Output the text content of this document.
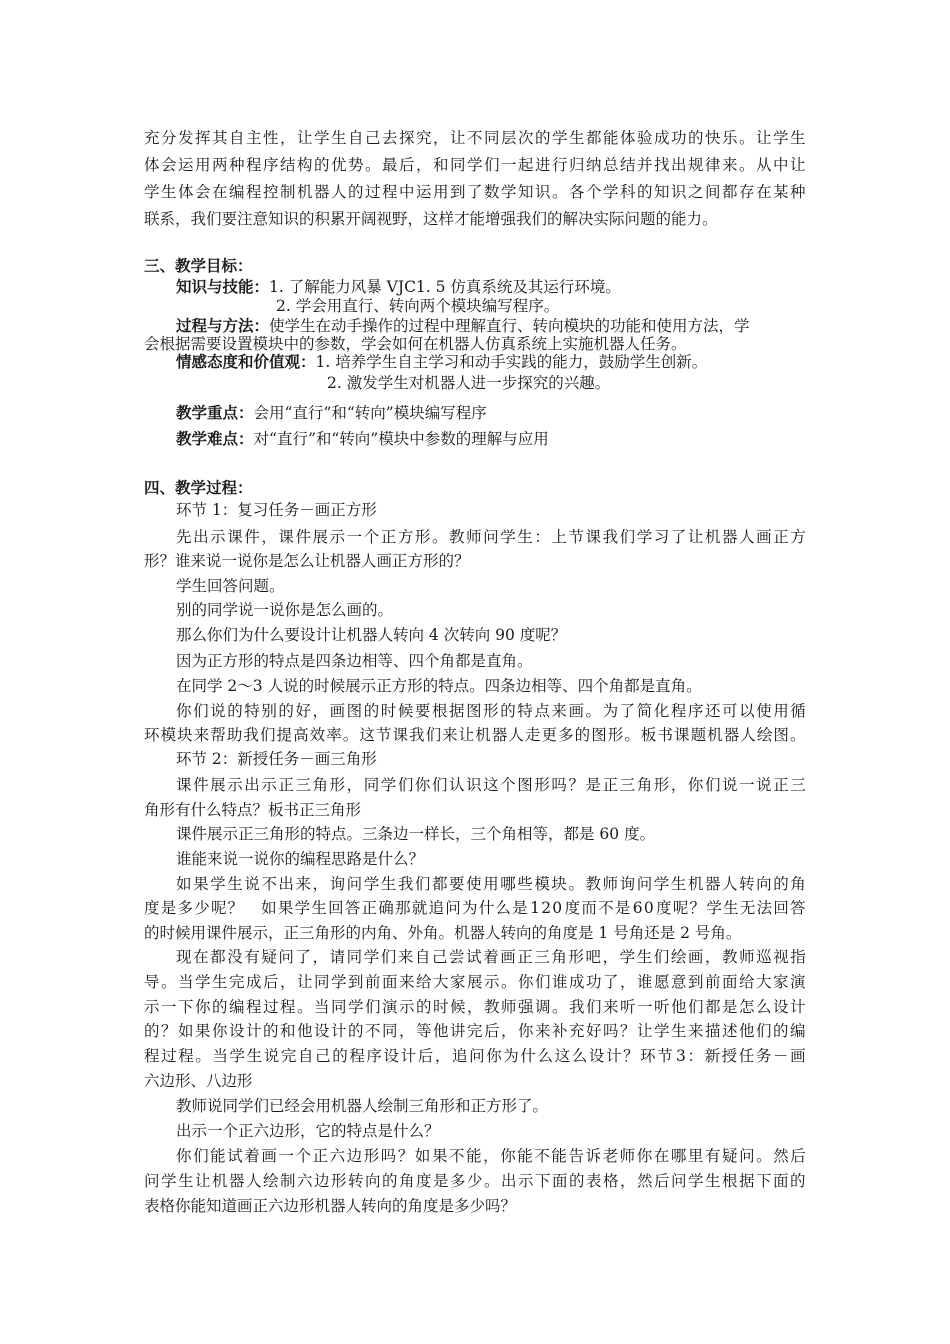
充 分 发 挥 其 自 主 性 ， 让 学 生 自 己 去 探 究 ， 让 不 同 层 次 的 学 生 都 能 体 验 成 功 的 快 乐 。 让 学 生
体 会 运 用 两 种 程 序 结 构 的 优 势 。 最 后 ， 和 同 学 们 一 起 进 行 归 纳 总 结 并 找 出 规 律 来 。 从 中 让
学 生 体 会 在 编 程 控 制 机 器 人 的 过 程 中 运 用 到 了 数 学 知 识 。 各 个 学 科 的 知 识 之 间 都 存 在 某 种
联系，我们要注意知识的积累开阔视野，这样才能增强我们的解决实际问题的能力。
三、教学目标：
知识与技能：1. 了解能力风暴 VJC1. 5 仿真系统及其运行环境。
2. 学会用直行、转向两个模块编写程序。
过程与方法：使学生在动手操作的过程中理解直行、转向模块的功能和使用方法，学
会根据需要设置模块中的参数，学会如何在机器人仿真系统上实施机器人任务。
情感态度和价值观：1. 培养学生自主学习和动手实践的能力，鼓励学生创新。
2. 激发学生对机器人进一步探究的兴趣。
教学重点：会用“直行”和“转向”模块编写程序
教学难点：对“直行”和“转向”模块中参数的理解与应用
四、教学过程：
环节 1：复习任务－画正方形
先 出 示 课 件 ， 课 件 展 示 一 个 正 方 形 。 教 师 问 学 生 ： 上 节 课 我 们 学 习 了 让 机 器 人 画 正 方
形？谁来说一说你是怎么让机器人画正方形的？
学生回答问题。
别的同学说一说你是怎么画的。
那么你们为什么要设计让机器人转向 4 次转向 90 度呢？
因为正方形的特点是四条边相等、四个角都是直角。
在同学 2～3 人说的时候展示正方形的特点。四条边相等、四个角都是直角。
你 们 说 的 特 别 的 好 ， 画 图 的 时 候 要 根 据 图 形 的 特 点 来 画 。 为 了 简 化 程 序 还 可 以 使 用 循
环 模 块 来 帮 助 我 们 提 高 效 率 。 这 节 课 我 们 来 让 机 器 人 走 更 多 的 图 形 。 板 书 课 题 机 器 人 绘 图 。
环节 2：新授任务－画三角形
课 件 展 示 出 示 正 三 角 形 ， 同 学 们 你 们 认 识 这 个 图 形 吗 ？ 是 正 三 角 形 ， 你 们 说 一 说 正 三
角形有什么特点？板书正三角形
课件展示正三角形的特点。三条边一样长，三个角相等，都是 60 度。
谁能来说一说你的编程思路是什么？
如 果 学 生 说 不 出 来 ， 询 问 学 生 我 们 都 要 使 用 哪 些 模 块 。 教 师 询 问 学 生 机 器 人 转 向 的 角
度 是 多 少 呢 ？
　 如 果 学 生 回 答 正 确 那 就 追 问 为 什 么 是 1 2 0 度 而 不 是 6 0 度 呢 ？ 学 生 无 法 回 答
的时候用课件展示，正三角形的内角、外角。机器人转向的角度是 1 号角还是 2 号角。
现 在 都 没 有 疑 问 了 ， 请 同 学 们 来 自 己 尝 试 着 画 正 三 角 形 吧 ， 学 生 们 绘 画 ， 教 师 巡 视 指
导 。 当 学 生 完 成 后 ， 让 同 学 到 前 面 来 给 大 家 展 示 。 你 们 谁 成 功 了 ， 谁 愿 意 到 前 面 给 大 家 演
示 一 下 你 的 编 程 过 程 。 当 同 学 们 演 示 的 时 候 ， 教 师 强 调 。 我 们 来 听 一 听 他 们 都 是 怎 么 设 计
的 ？ 如 果 你 设 计 的 和 他 设 计 的 不 同 ， 等 他 讲 完 后 ， 你 来 补 充 好 吗 ？ 让 学 生 来 描 述 他 们 的 编
程 过 程 。 当 学 生 说 完 自 己 的 程 序 设 计 后 ， 追 问 你 为 什 么 这 么 设 计 ？ 环 节 3 ： 新 授 任 务 － 画
六边形、八边形
教师说同学们已经会用机器人绘制三角形和正方形了。
出示一个正六边形，它的特点是什么？
你 们 能 试 着 画 一 个 正 六 边 形 吗 ？ 如 果 不 能 ， 你 能 不 能 告 诉 老 师 你 在 哪 里 有 疑 问 。 然 后
问 学 生 让 机 器 人 绘 制 六 边 形 转 向 的 角 度 是 多 少 。 出 示 下 面 的 表 格 ， 然 后 问 学 生 根 据 下 面 的
表格你能知道画正六边形机器人转向的角度是多少吗？
